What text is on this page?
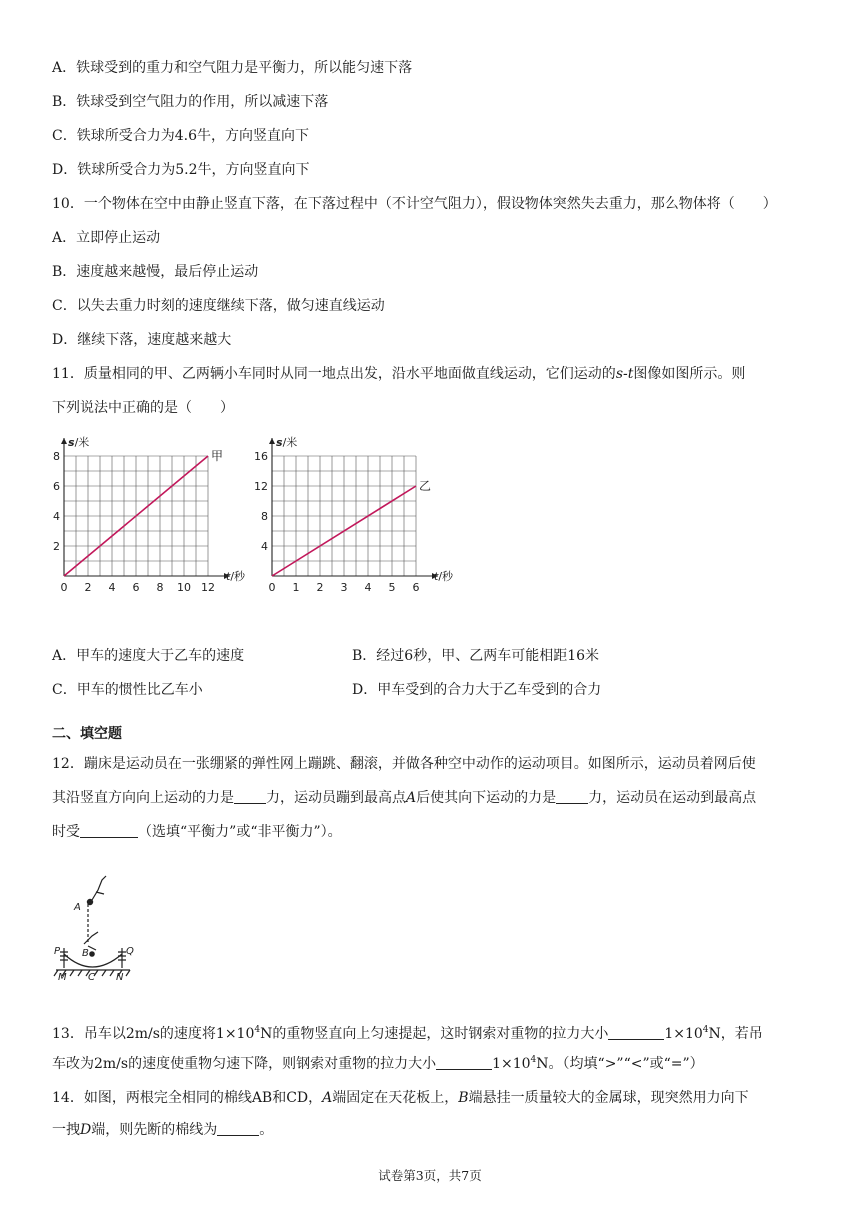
A．铁球受到的重力和空气阻力是平衡力，所以能匀速下落
B．铁球受到空气阻力的作用，所以减速下落
C．铁球所受合力为4.6牛，方向竖直向下
D．铁球所受合力为5.2牛，方向竖直向下
10．一个物体在空中由静止竖直下落，在下落过程中（不计空气阻力），假设物体突然失去重力，那么物体将（　　）
A．立即停止运动
B．速度越来越慢，最后停止运动
C．以失去重力时刻的速度继续下落，做匀速直线运动
D．继续下落，速度越来越大
11．质量相同的甲、乙两辆小车同时从同一地点出发，沿水平地面做直线运动，它们运动的s-t图像如图所示。则
下列说法中正确的是（　　）
0 2 4 6 8 10 12
2
4
6
8
s/米
t/秒
甲
0 1 2 3 4 5 6
4
8
12
16
s/米
t/秒
乙
A．甲车的速度大于乙车的速度	B．经过6秒，甲、乙两车可能相距16米
C．甲车的惯性比乙车小	D．甲车受到的合力大于乙车受到的合力
二、填空题
12．蹦床是运动员在一张绷紧的弹性网上蹦跳、翻滚，并做各种空中动作的运动项目。如图所示，运动员着网后使
其沿竖直方向向上运动的力是 力，运动员蹦到最高点A后使其向下运动的力是 力，运动员在运动到最高点
时受	（选填“平衡力”或“非平衡力”）。
A
B
C
P	Q
M	N
13．吊车以2m/s的速度将$1\times 10^4N$的重物竖直向上匀速提起，这时钢索对重物的拉力大小	$1\times 10^4N$，若吊
车改为2m/s的速度使重物匀速下降，则钢索对重物的拉力大小	$1\times 10^4N$。（均填“>”“<”或“=”）
14．如图，两根完全相同的棉线AB和CD，A端固定在天花板上，B端悬挂一质量较大的金属球，现突然用力向下
一拽D端，则先断的棉线为	。
试卷第3页，共7页
